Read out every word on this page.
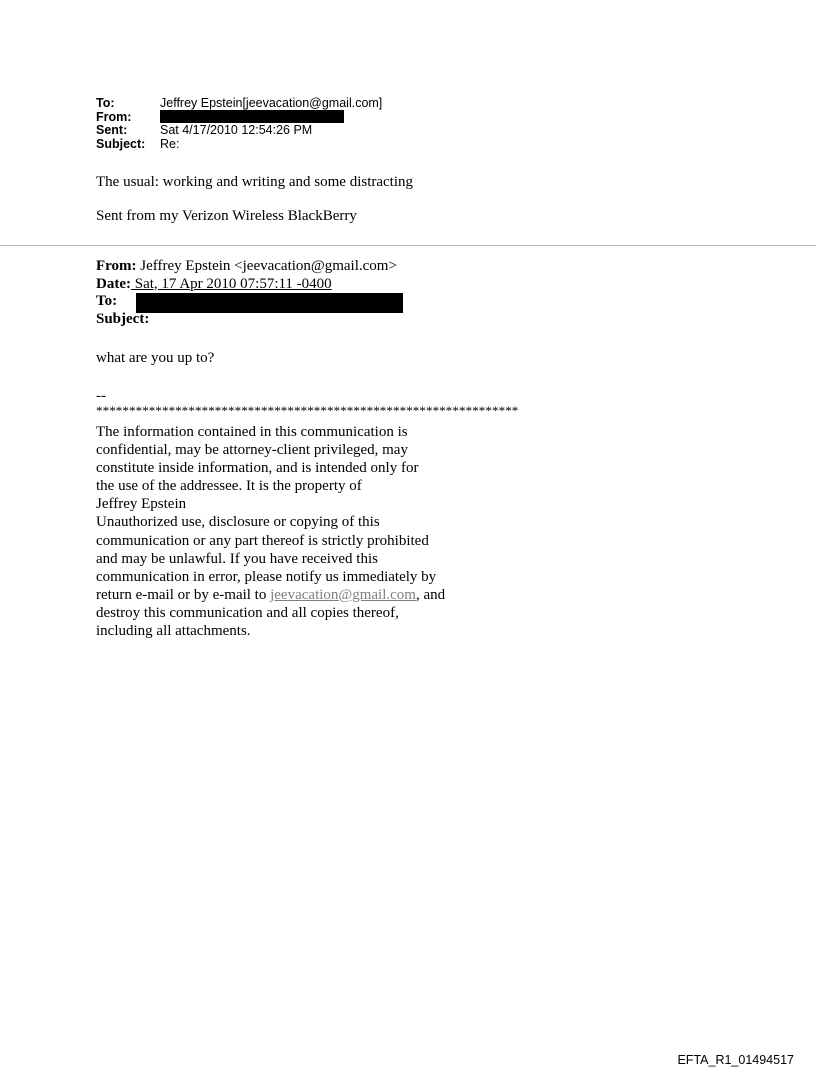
To:	Jeffrey Epstein[jeevacation@gmail.com]
From:
Sent:	Sat 4/17/2010 12:54:26 PM
Subject:	Re:
The usual: working and writing and some distracting
Sent from my Verizon Wireless BlackBerry
From: Jeffrey Epstein <jeevacation@gmail.com>
Date: Sat, 17 Apr 2010 07:57:11 -0400
To:
Subject:
what are you up to?
--
****************************************************************
The information contained in this communication is
confidential, may be attorney-client privileged, may
constitute inside information, and is intended only for
the use of the addressee. It is the property of
Jeffrey Epstein
Unauthorized use, disclosure or copying of this
communication or any part thereof is strictly prohibited
and may be unlawful. If you have received this
communication in error, please notify us immediately by
return e-mail or by e-mail to jeevacation@gmail.com, and
destroy this communication and all copies thereof,
including all attachments.
EFTA_R1_01494517
